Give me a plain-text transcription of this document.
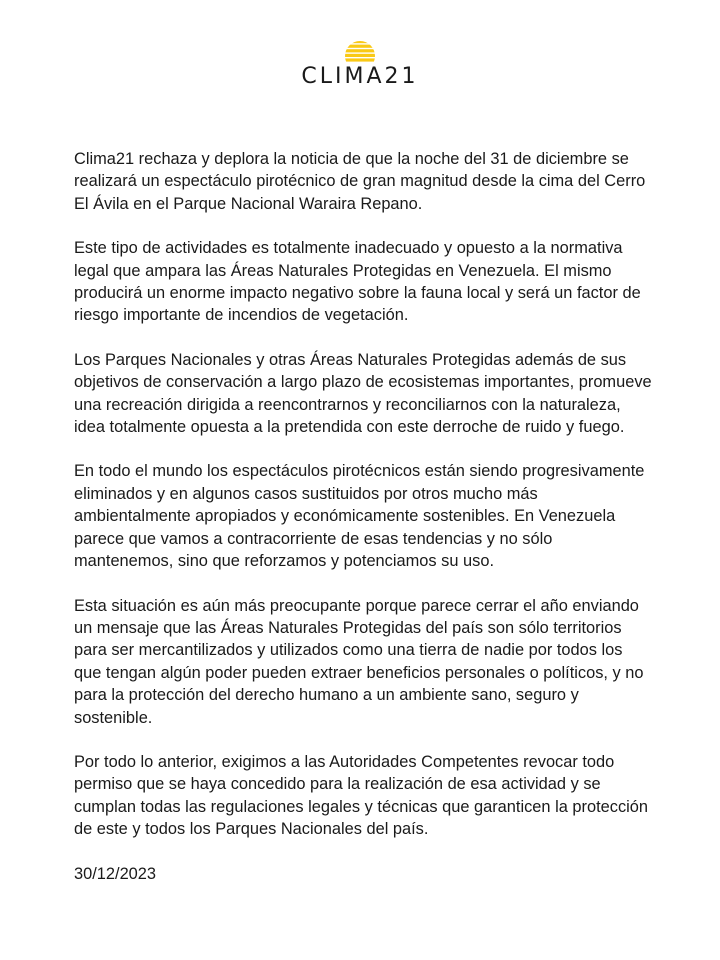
CLIMA21

Clima21 rechaza y deplora la noticia de que la noche del 31 de diciembre se realizará un espectáculo pirotécnico de gran magnitud desde la cima del Cerro El Ávila en el Parque Nacional Waraira Repano.

Este tipo de actividades es totalmente inadecuado y opuesto a la normativa legal que ampara las Áreas Naturales Protegidas en Venezuela. El mismo producirá un enorme impacto negativo sobre la fauna local y será un factor de riesgo importante de incendios de vegetación.

Los Parques Nacionales y otras Áreas Naturales Protegidas además de sus objetivos de conservación a largo plazo de ecosistemas importantes, promueve una recreación dirigida a reencontrarnos y reconciliarnos con la naturaleza, idea totalmente opuesta a la pretendida con este derroche de ruido y fuego.

En todo el mundo los espectáculos pirotécnicos están siendo progresivamente eliminados y en algunos casos sustituidos por otros mucho más ambientalmente apropiados y económicamente sostenibles. En Venezuela parece que vamos a contracorriente de esas tendencias y no sólo mantenemos, sino que reforzamos y potenciamos su uso.

Esta situación es aún más preocupante porque parece cerrar el año enviando un mensaje que las Áreas Naturales Protegidas del país son sólo territorios para ser mercantilizados y utilizados como una tierra de nadie por todos los que tengan algún poder pueden extraer beneficios personales o políticos, y no para la protección del derecho humano a un ambiente sano, seguro y sostenible.

Por todo lo anterior, exigimos a las Autoridades Competentes revocar todo permiso que se haya concedido para la realización de esa actividad y se cumplan todas las regulaciones legales y técnicas que garanticen la protección de este y todos los Parques Nacionales del país.

30/12/2023
